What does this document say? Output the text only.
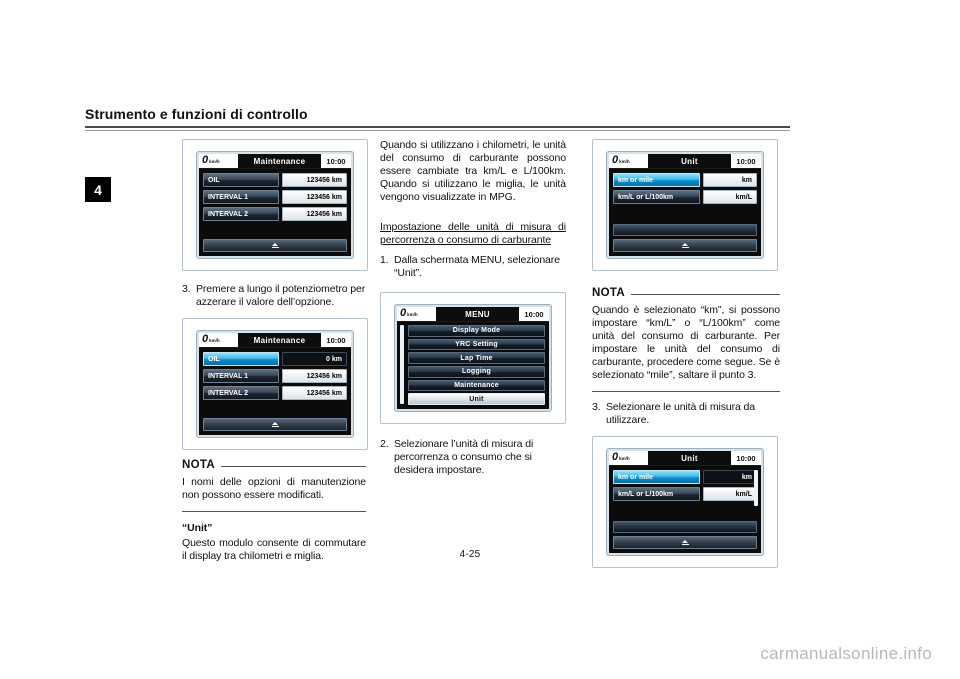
Strumento e funzioni di controllo
4
0 km/h	Maintenance	10:00
OIL	123456 km
INTERVAL 1	123456 km
INTERVAL 2	123456 km
3. Premere a lungo il potenziometro per azzerare il valore dell’opzione.
0 km/h	Maintenance	10:00
OIL	0 km
INTERVAL 1	123456 km
INTERVAL 2	123456 km
NOTA
I nomi delle opzioni di manutenzione non possono essere modificati.
“Unit”
Questo modulo consente di commutare il display tra chilometri e miglia.
Quando si utilizzano i chilometri, le unità del consumo di carburante possono essere cambiate tra km/L e L/100km. Quando si utilizzano le miglia, le unità vengono visualizzate in MPG.
Impostazione delle unità di misura di percorrenza o consumo di carburante
1. Dalla schermata MENU, selezionare “Unit”.
0 km/h	MENU	10:00
Display Mode
YRC Setting
Lap Time
Logging
Maintenance
Unit
2. Selezionare l’unità di misura di percorrenza o consumo che si desidera impostare.
0 km/h	Unit	10:00
km or mile	km
km/L or L/100km	km/L
NOTA
Quando è selezionato “km”, si possono impostare “km/L” o “L/100km” come unità del consumo di carburante. Per impostare le unità del consumo di carburante, procedere come segue. Se è selezionato “mile”, saltare il punto 3.
3. Selezionare le unità di misura da utilizzare.
0 km/h	Unit	10:00
km or mile	km
km/L or L/100km	km/L
4-25
carmanualsonline.info
